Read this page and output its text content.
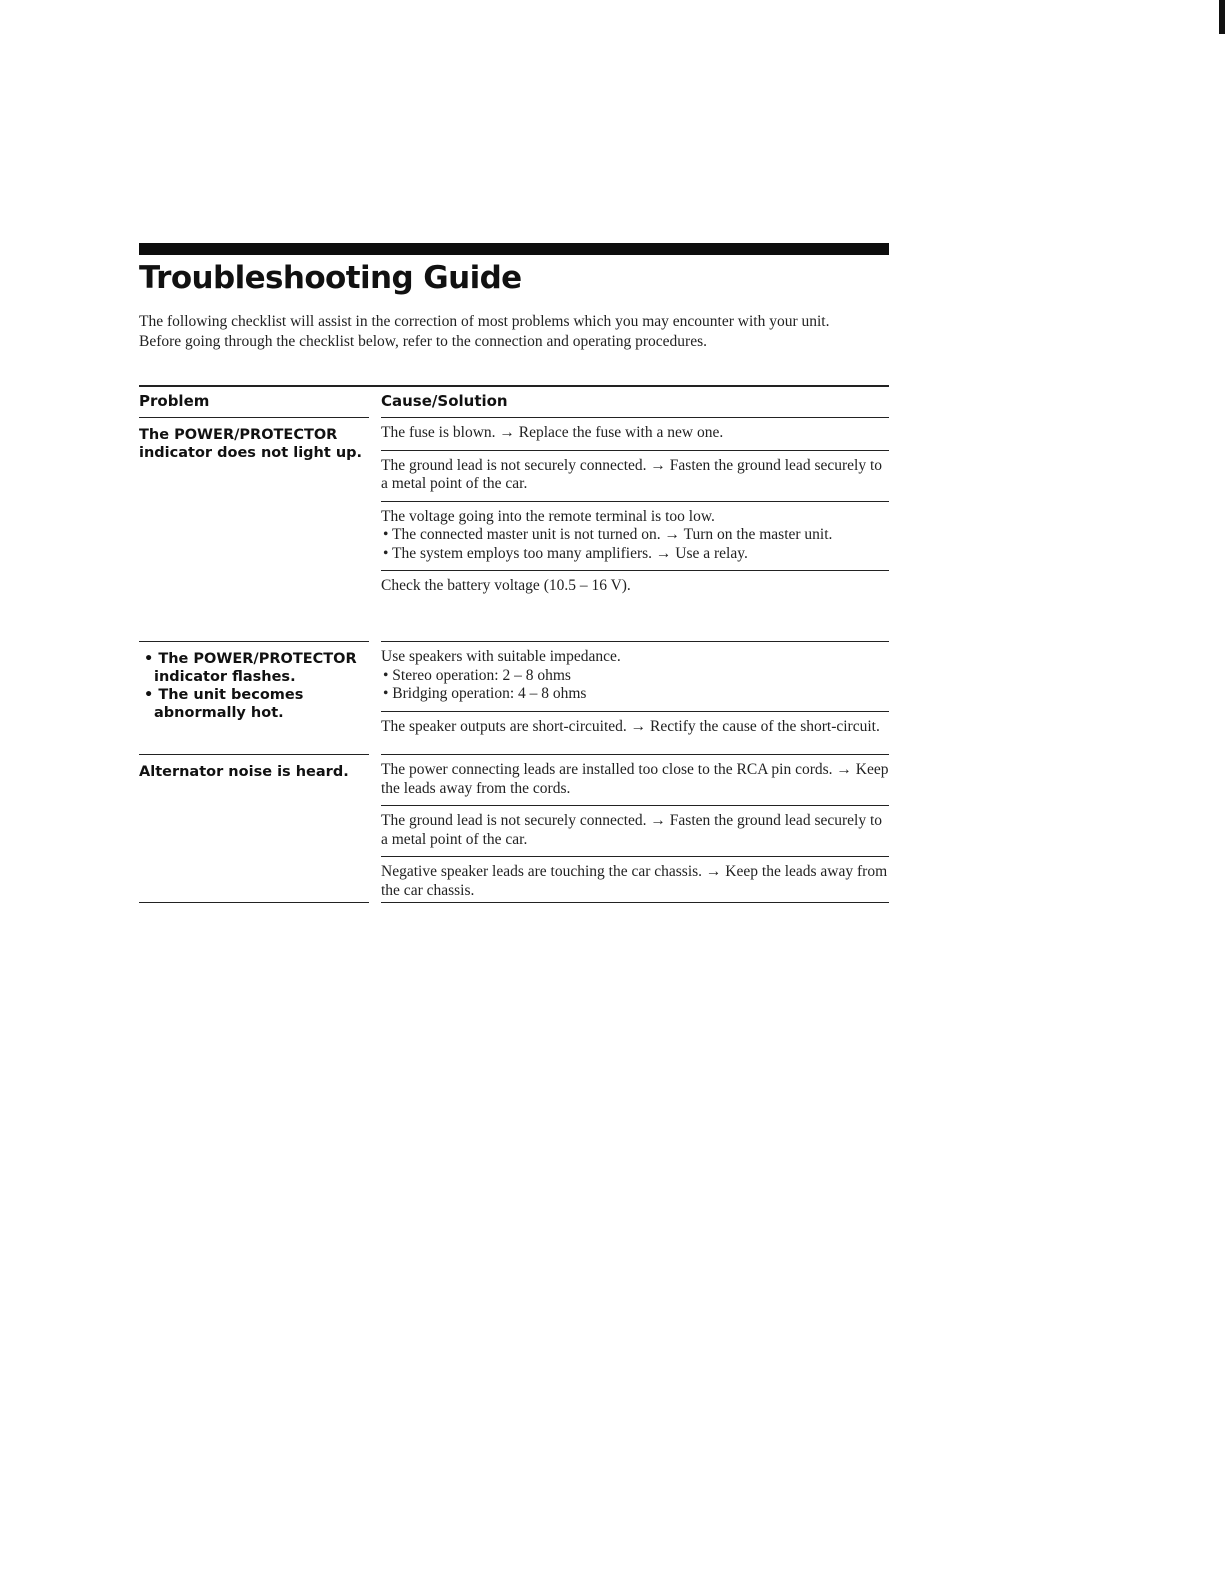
Troubleshooting Guide

The following checklist will assist in the correction of most problems which you may encounter with your unit.

Before going through the checklist below, refer to the connection and operating procedures.

Problem	Cause/Solution
The POWER/PROTECTOR indicator does not light up.
The fuse is blown. → Replace the fuse with a new one.
The ground lead is not securely connected. → Fasten the ground lead securely to a metal point of the car.
The voltage going into the remote terminal is too low.
• The connected master unit is not turned on. → Turn on the master unit.
• The system employs too many amplifiers. → Use a relay.
Check the battery voltage (10.5 – 16 V).
• The POWER/PROTECTOR indicator flashes.
• The unit becomes abnormally hot.
Use speakers with suitable impedance.
• Stereo operation: 2 – 8 ohms
• Bridging operation: 4 – 8 ohms
The speaker outputs are short-circuited. → Rectify the cause of the short-circuit.
Alternator noise is heard.	The power connecting leads are installed too close to the RCA pin cords. → Keep the leads away from the cords.
The ground lead is not securely connected. → Fasten the ground lead securely to a metal point of the car.
Negative speaker leads are touching the car chassis. → Keep the leads away from the car chassis.
